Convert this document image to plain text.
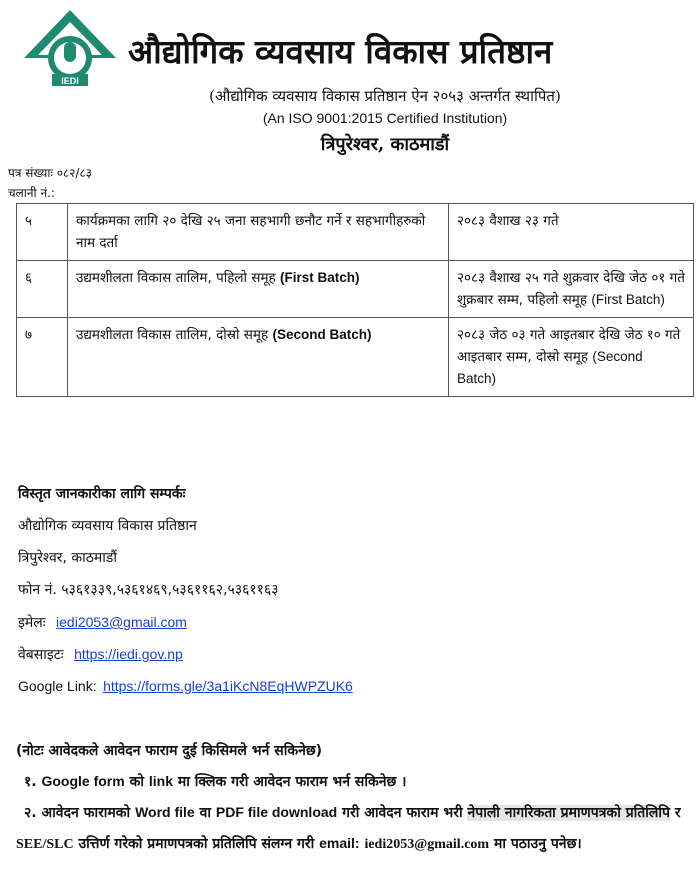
IEDI
औद्योगिक व्यवसाय विकास प्रतिष्ठान
(औद्योगिक व्यवसाय विकास प्रतिष्ठान ऐन २०५३ अन्तर्गत स्थापित)
(An ISO 9001:2015 Certified Institution)
त्रिपुरेश्वर, काठमाडौं
पत्र संख्याः ०८२/८३
चलानी नं.:
५	कार्यक्रमका लागि २० देखि २५ जना सहभागी छनौट गर्ने र सहभागीहरुको नाम दर्ता	२०८३ वैशाख २३ गते
६	उद्यमशीलता विकास तालिम, पहिलो समूह (First Batch)	२०८३ वैशाख २५ गते शुक्रवार देखि जेठ ०१ गते शुक्रबार सम्म, पहिलो समूह (First Batch)
७	उद्यमशीलता विकास तालिम, दोस्रो समूह (Second Batch)	२०८३ जेठ ०३ गते आइतबार देखि जेठ १० गते आइतबार सम्म, दोस्रो समूह (Second Batch)
विस्तृत जानकारीका लागि सम्पर्कः
औद्योगिक व्यवसाय विकास प्रतिष्ठान
त्रिपुरेश्वर, काठमाडौं
फोन नं. ५३६१३३९,५३६१४६९,५३६११६२,५३६११६३
इमेलः iedi2053@gmail.com
वेबसाइटः https://iedi.gov.np
Google Link: https://forms.gle/3a1iKcN8EqHWPZUK6
(नोटः आवेदकले आवेदन फाराम दुई किसिमले भर्न सकिनेछ)
१. Google form को link मा क्लिक गरी आवेदन फाराम भर्न सकिनेछ ।
२. आवेदन फारामको Word file वा PDF file download गरी आवेदन फाराम भरी नेपाली नागरिकता प्रमाणपत्रको प्रतिलिपि र SEE/SLC उत्तिर्ण गरेको प्रमाणपत्रको प्रतिलिपि संलग्न गरी email: iedi2053@gmail.com मा पठाउनु पनेछ।
